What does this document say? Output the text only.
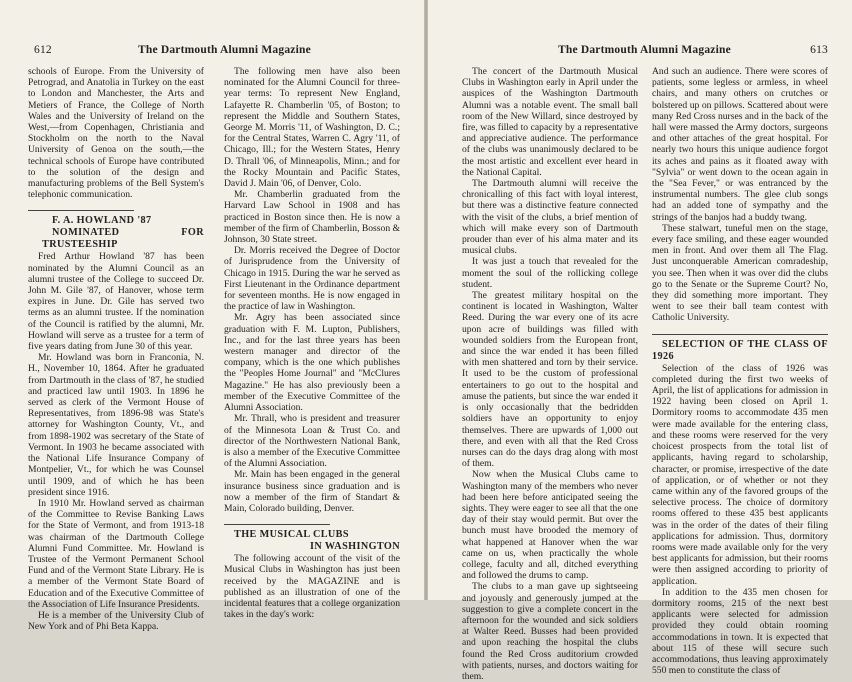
612	The Dartmouth Alumni Magazine

schools of Europe. From the University of Petrograd, and Anatolia in Turkey on the east to London and Manchester, the Arts and Metiers of France, the College of North Wales and the University of Ireland on the West,—from Copenhagen, Christiania and Stockholm on the north to the Naval University of Genoa on the south,—the technical schools of Europe have contributed to the solution of the design and manufacturing problems of the Bell System's telephonic communication.

F. A. HOWLAND '87

NOMINATED FOR TRUSTEESHIP

Fred Arthur Howland '87 has been nominated by the Alumni Council as an alumni trustee of the College to succeed Dr. John M. Gile '87, of Hanover, whose term expires in June. Dr. Gile has served two terms as an alumni trustee. If the nomination of the Council is ratified by the alumni, Mr. Howland will serve as a trustee for a term of five years dating from June 30 of this year.

Mr. Howland was born in Franconia, N. H., November 10, 1864. After he graduated from Dartmouth in the class of '87, he studied and practiced law until 1903. In 1896 he served as clerk of the Vermont House of Representatives, from 1896-98 was State's attorney for Washington County, Vt., and from 1898-1902 was secretary of the State of Vermont. In 1903 he became associated with the National Life Insurance Company of Montpelier, Vt., for which he was Counsel until 1909, and of which he has been president since 1916.

In 1910 Mr. Howland served as chairman of the Committee to Revise Banking Laws for the State of Vermont, and from 1913-18 was chairman of the Dartmouth College Alumni Fund Committee. Mr. Howland is Trustee of the Vermont Permanent School Fund and of the Vermont State Library. He is a member of the Vermont State Board of Education and of the Executive Committee of the Association of Life Insurance Presidents.

He is a member of the University Club of New York and of Phi Beta Kappa.

The following men have also been nominated for the Alumni Council for three-year terms: To represent New England, Lafayette R. Chamberlin '05, of Boston; to represent the Middle and Southern States, George M. Morris '11, of Washington, D. C.; for the Central States, Warren C. Agry '11, of Chicago, Ill.; for the Western States, Henry D. Thrall '06, of Minneapolis, Minn.; and for the Rocky Mountain and Pacific States, David J. Main '06, of Denver, Colo.

Mr. Chamberlin graduated from the Harvard Law School in 1908 and has practiced in Boston since then. He is now a member of the firm of Chamberlin, Bosson & Johnson, 30 State street.

Dr. Morris received the Degree of Doctor of Jurisprudence from the University of Chicago in 1915. During the war he served as First Lieutenant in the Ordinance department for seventeen months. He is now engaged in the practice of law in Washington.

Mr. Agry has been associated since graduation with F. M. Lupton, Publishers, Inc., and for the last three years has been western manager and director of the company, which is the one which publishes the "Peoples Home Journal" and "McClures Magazine." He has also previously been a member of the Executive Committee of the Alumni Association.

Mr. Thrall, who is president and treasurer of the Minnesota Loan & Trust Co. and director of the Northwestern National Bank, is also a member of the Executive Committee of the Alumni Association.

Mr. Main has been engaged in the general insurance business since graduation and is now a member of the firm of Standart & Main, Colorado building, Denver.

THE MUSICAL CLUBS

IN WASHINGTON

The following account of the visit of the Musical Clubs in Washington has just been received by the MAGAZINE and is published as an illustration of one of the incidental features that a college organization takes in the day's work:

The Dartmouth Alumni Magazine	613

The concert of the Dartmouth Musical Clubs in Washington early in April under the auspices of the Washington Dartmouth Alumni was a notable event. The small ball room of the New Willard, since destroyed by fire, was filled to capacity by a representative and appreciative audience. The performance of the clubs was unanimously declared to be the most artistic and excellent ever heard in the National Capital.

The Dartmouth alumni will receive the chronicalling of this fact with loyal interest, but there was a distinctive feature connected with the visit of the clubs, a brief mention of which will make every son of Dartmouth prouder than ever of his alma mater and its musical clubs.

It was just a touch that revealed for the moment the soul of the rollicking college student.

The greatest military hospital on the continent is located in Washington, Walter Reed. During the war every one of its acre upon acre of buildings was filled with wounded soldiers from the European front, and since the war ended it has been filled with men shattered and torn by their service. It used to be the custom of professional entertainers to go out to the hospital and amuse the patients, but since the war ended it is only occasionally that the bedridden soldiers have an opportunity to enjoy themselves. There are upwards of 1,000 out there, and even with all that the Red Cross nurses can do the days drag along with most of them.

Now when the Musical Clubs came to Washington many of the members who never had been here before anticipated seeing the sights. They were eager to see all that the one day of their stay would permit. But over the bunch must have brooded the memory of what happened at Hanover when the war came on us, when practically the whole college, faculty and all, ditched everything and followed the drums to camp.

The clubs to a man gave up sightseeing and joyously and generously jumped at the suggestion to give a complete concert in the afternoon for the wounded and sick soldiers at Walter Reed. Busses had been provided and upon reaching the hospital the clubs found the Red Cross auditorium crowded with patients, nurses, and doctors waiting for them.

And such an audience. There were scores of patients, some legless or armless, in wheel chairs, and many others on crutches or bolstered up on pillows. Scattered about were many Red Cross nurses and in the back of the hall were massed the Army doctors, surgeons and other attaches of the great hospital. For nearly two hours this unique audience forgot its aches and pains as it floated away with "Sylvia" or went down to the ocean again in the "Sea Fever," or was entranced by the instrumental numbers. The glee club songs had an added tone of sympathy and the strings of the banjos had a buddy twang.

These stalwart, tuneful men on the stage, every face smiling, and these eager wounded men in front. And over them all The Flag. Just unconquerable American comradeship, you see. Then when it was over did the clubs go to the Senate or the Supreme Court? No, they did something more important. They went to see their ball team contest with Catholic University.

SELECTION OF THE CLASS OF 1926

Selection of the class of 1926 was completed during the first two weeks of April, the list of applications for admission in 1922 having been closed on April 1. Dormitory rooms to accommodate 435 men were made available for the entering class, and these rooms were reserved for the very choicest prospects from the total list of applicants, having regard to scholarship, character, or promise, irrespective of the date of application, or of whether or not they came within any of the favored groups of the selective process. The choice of dormitory rooms offered to these 435 best applicants was in the order of the dates of their filing applications for admission. Thus, dormitory rooms were made available only for the very best applicants for admission, but their rooms were then assigned according to priority of application.

In addition to the 435 men chosen for dormitory rooms, 215 of the next best applicants were selected for admission provided they could obtain rooming accommodations in town. It is expected that about 115 of these will secure such accommodations, thus leaving approximately 550 men to constitute the class of
